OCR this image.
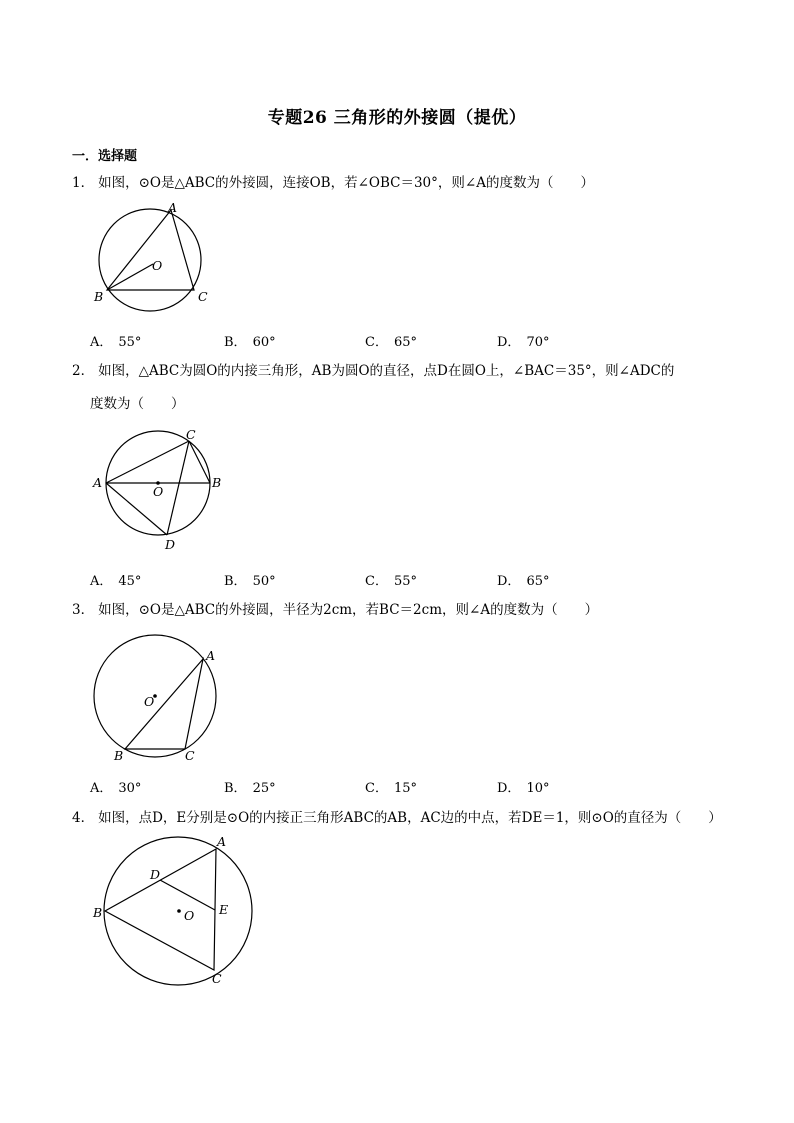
专题26 三角形的外接圆（提优）
一．选择题
1． 如图，⊙O是△ABC的外接圆，连接OB，若∠OBC＝30°，则∠A的度数为（　　）
A
B	C
O
A． 55°	B． 60°	C． 65°	D． 70°
2． 如图，△ABC为圆O的内接三角形，AB为圆O的直径，点D在圆O上，∠BAC＝35°，则∠ADC的
度数为（　　）
A	B
C
D
O
A． 45°	B． 50°	C． 55°	D． 65°
3． 如图，⊙O是△ABC的外接圆，半径为2cm，若BC＝2cm，则∠A的度数为（　　）
A
B	C
O
A． 30°	B． 25°	C． 15°	D． 10°
4． 如图，点D，E分别是⊙O的内接正三角形ABC的AB，AC边的中点，若DE＝1，则⊙O的直径为（　　）
A
B
C
D
E
O
